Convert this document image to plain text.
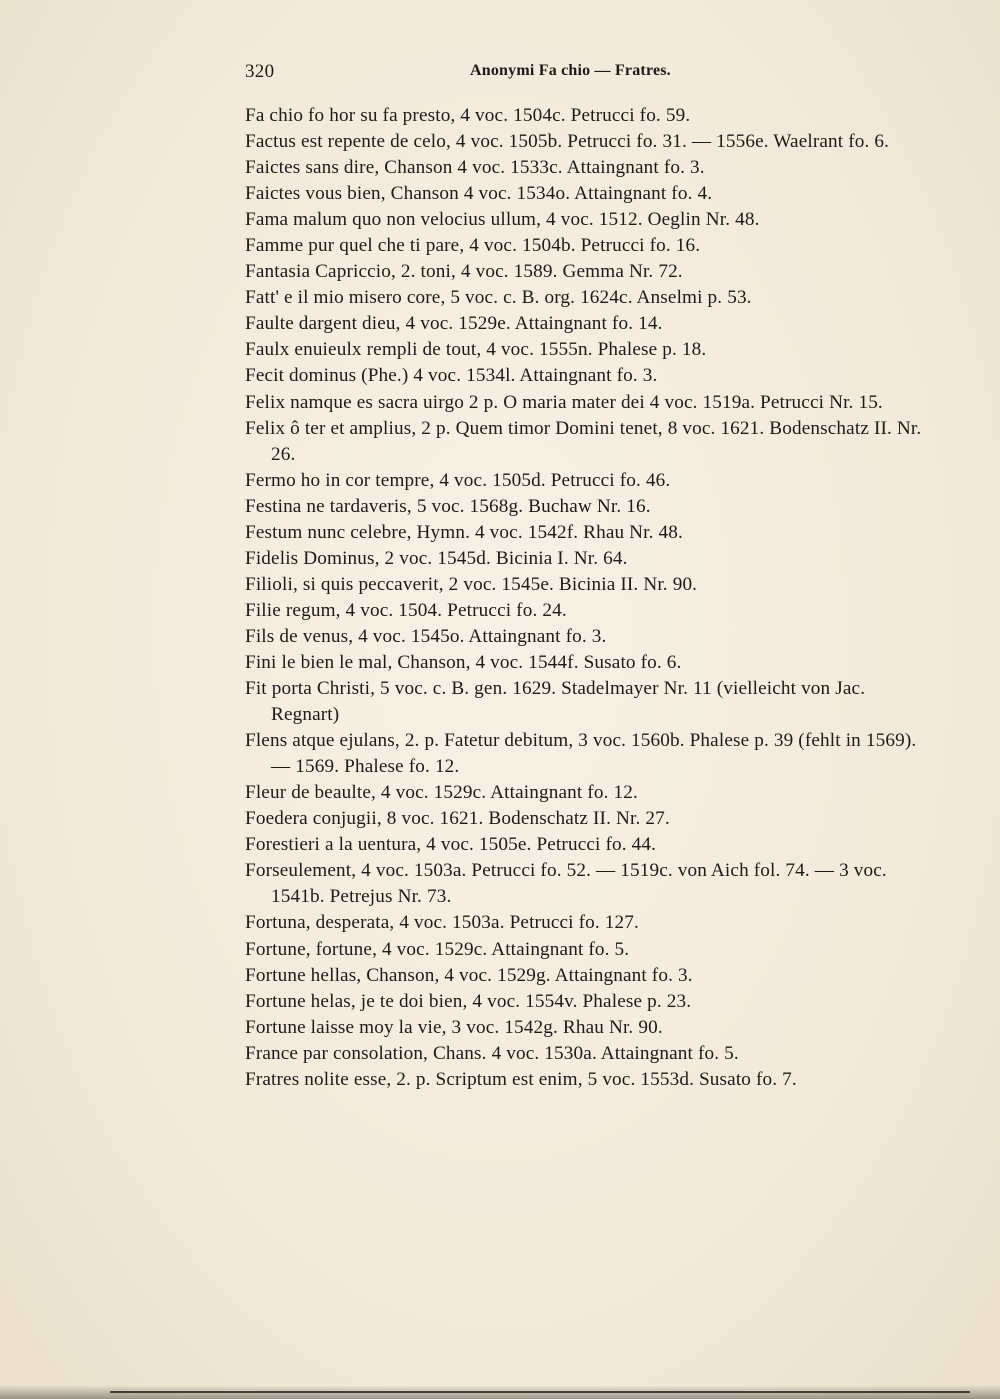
320	Anonymi Fa chio — Fratres.

Fa chio fo hor su fa presto, 4 voc. 1504c. Petrucci fo. 59.

Factus est repente de celo, 4 voc. 1505b. Petrucci fo. 31. — 1556e. Waelrant fo. 6.

Faictes sans dire, Chanson 4 voc. 1533c. Attaingnant fo. 3.

Faictes vous bien, Chanson 4 voc. 1534o. Attaingnant fo. 4.

Fama malum quo non velocius ullum, 4 voc. 1512. Oeglin Nr. 48.

Famme pur quel che ti pare, 4 voc. 1504b. Petrucci fo. 16.

Fantasia Capriccio, 2. toni, 4 voc. 1589. Gemma Nr. 72.

Fatt' e il mio misero core, 5 voc. c. B. org. 1624c. Anselmi p. 53.

Faulte dargent dieu, 4 voc. 1529e. Attaingnant fo. 14.

Faulx enuieulx rempli de tout, 4 voc. 1555n. Phalese p. 18.

Fecit dominus (Phe.) 4 voc. 1534l. Attaingnant fo. 3.

Felix namque es sacra uirgo 2 p. O maria mater dei 4 voc. 1519a. Petrucci Nr. 15.

Felix ô ter et amplius, 2 p. Quem timor Domini tenet, 8 voc. 1621. Bodenschatz II. Nr. 26.

Fermo ho in cor tempre, 4 voc. 1505d. Petrucci fo. 46.

Festina ne tardaveris, 5 voc. 1568g. Buchaw Nr. 16.

Festum nunc celebre, Hymn. 4 voc. 1542f. Rhau Nr. 48.

Fidelis Dominus, 2 voc. 1545d. Bicinia I. Nr. 64.

Filioli, si quis peccaverit, 2 voc. 1545e. Bicinia II. Nr. 90.

Filie regum, 4 voc. 1504. Petrucci fo. 24.

Fils de venus, 4 voc. 1545o. Attaingnant fo. 3.

Fini le bien le mal, Chanson, 4 voc. 1544f. Susato fo. 6.

Fit porta Christi, 5 voc. c. B. gen. 1629. Stadelmayer Nr. 11 (vielleicht von Jac. Regnart)

Flens atque ejulans, 2. p. Fatetur debitum, 3 voc. 1560b. Phalese p. 39 (fehlt in 1569). — 1569. Phalese fo. 12.

Fleur de beaulte, 4 voc. 1529c. Attaingnant fo. 12.

Foedera conjugii, 8 voc. 1621. Bodenschatz II. Nr. 27.

Forestieri a la uentura, 4 voc. 1505e. Petrucci fo. 44.

Forseulement, 4 voc. 1503a. Petrucci fo. 52. — 1519c. von Aich fol. 74. — 3 voc. 1541b. Petrejus Nr. 73.

Fortuna, desperata, 4 voc. 1503a. Petrucci fo. 127.

Fortune, fortune, 4 voc. 1529c. Attaingnant fo. 5.

Fortune hellas, Chanson, 4 voc. 1529g. Attaingnant fo. 3.

Fortune helas, je te doi bien, 4 voc. 1554v. Phalese p. 23.

Fortune laisse moy la vie, 3 voc. 1542g. Rhau Nr. 90.

France par consolation, Chans. 4 voc. 1530a. Attaingnant fo. 5.

Fratres nolite esse, 2. p. Scriptum est enim, 5 voc. 1553d. Susato fo. 7.
